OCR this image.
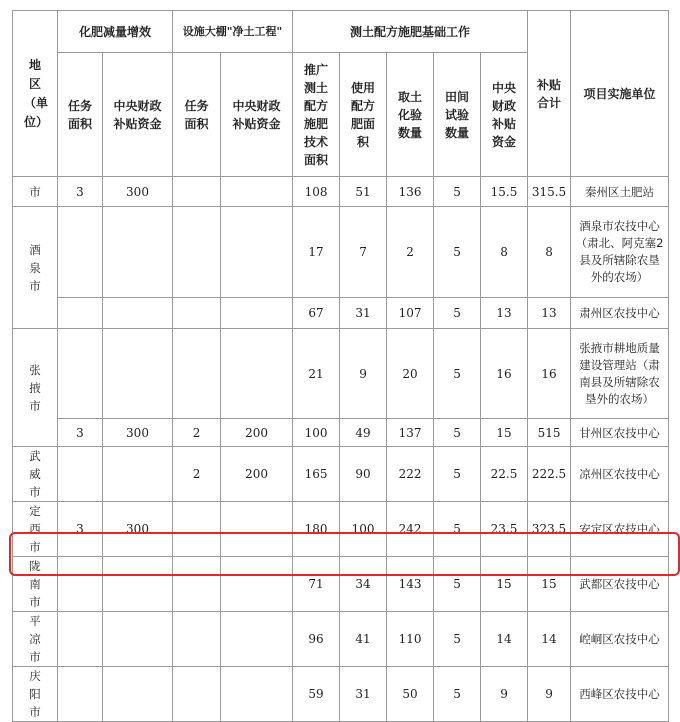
地区（单位）	化肥减量增效		设施大棚"净土工程"		测土配方施肥基础工作					补贴合计	项目实施单位

	任务面积	中央财政补贴资金	任务面积	中央财政补贴资金	推广测土配方施肥技术面积	使用配方肥面积	取土化验数量	田间试验数量	中央财政补贴资金		

市	3	300			108	51	136	5	15.5	315.5	秦州区土肥站

酒泉市					17	7	2	5	8	8	酒泉市农技中心（肃北、阿克塞2县及所辖除农垦外的农场）

					67	31	107	5	13	13	肃州区农技中心

张掖市					21	9	20	5	16	16	张掖市耕地质量建设管理站（肃南县及所辖除农垦外的农场）

	3	300	2	200	100	49	137	5	15	515	甘州区农技中心

武威市			2	200	165	90	222	5	22.5	222.5	凉州区农技中心

定西市	3	300			180	100	242	5	23.5	323.5	安定区农技中心

陇南市					71	34	143	5	15	15	武都区农技中心

平凉市					96	41	110	5	14	14	崆峒区农技中心

庆阳市					59	31	50	5	9	9	西峰区农技中心
